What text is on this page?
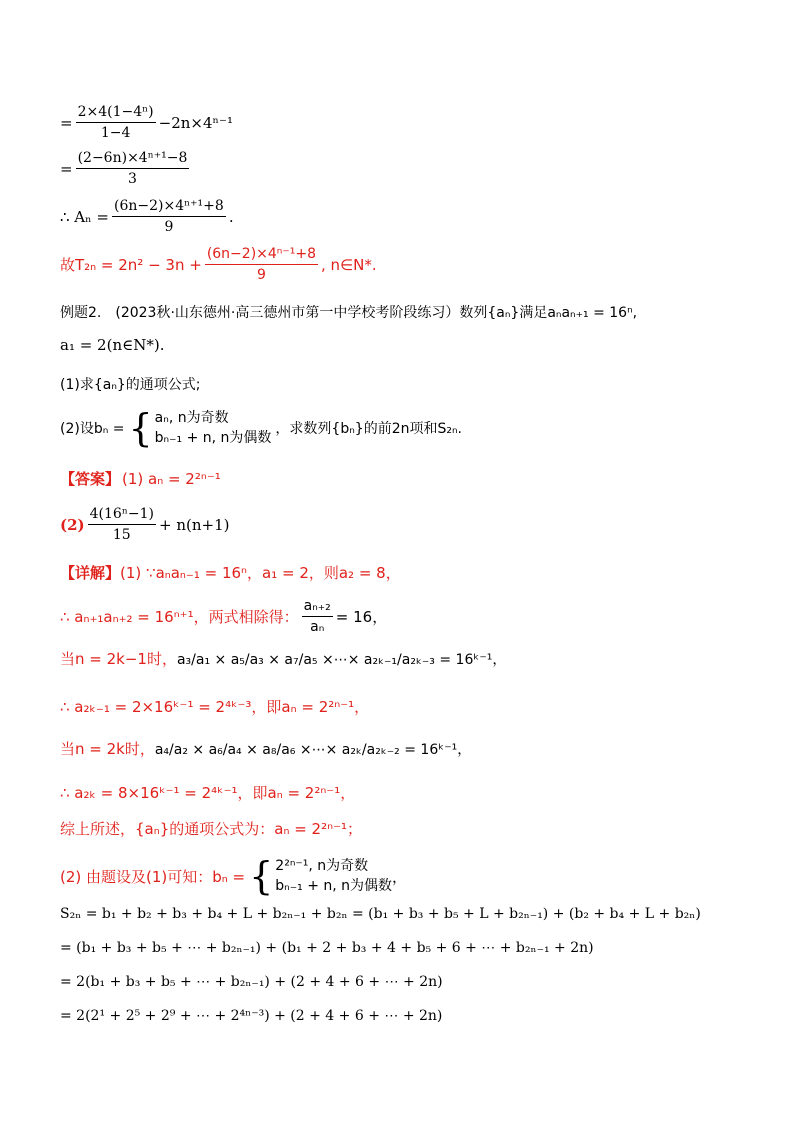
= $\frac{\text{2×4(1−4ⁿ)}}{1-4} -2n\times 4^{n-1}$
= $\frac{\text{(2−6n)×4ⁿ⁺¹−8}}{3}$
∴ $A_n = \frac{\text{(6n−2)×4ⁿ⁺¹+8}}{9}$ .
故$T_{2n} = 2n^2 - 3n + \frac{\text{(6n−2)×4ⁿ⁻¹+8}}{9}$ , n∈N*.
例题2.　(2023秋·山东德州·高三德州市第一中学校考阶段练习）数列{aₙ}满足aₙaₙ₊₁ = 16ⁿ,
a₁ = 2(n∈N*).
(1)求{aₙ}的通项公式;
(2)设bₙ = { aₙ, n为奇数
bₙ₋₁ + n, n为偶数
，求数列{bₙ}的前2n项和S₂ₙ.
【答案】 (1) aₙ = 2²ⁿ⁻¹
$(2) \frac{\text{4(16ⁿ−1)}}{15} + n(n+1)$
【详解】 (1) ∵aₙaₙ₋₁ = 16ⁿ，a₁ = 2，则a₂ = 8，
∴ aₙ₊₁aₙ₊₂ = 16ⁿ⁺¹，两式相除得： $\frac{\text{aₙ₊₂}}{\text{aₙ}} = 16$，
当n = 2k−1时， a₃/a₁ × a₅/a₃ × a₇/a₅ ×⋯× a₂ₖ₋₁/a₂ₖ₋₃ = 16ᵏ⁻¹，
∴ a₂ₖ₋₁ = 2×16ᵏ⁻¹ = 2⁴ᵏ⁻³，即aₙ = 2²ⁿ⁻¹，
当n = 2k时， a₄/a₂ × a₆/a₄ × a₈/a₆ ×⋯× a₂ₖ/a₂ₖ₋₂ = 16ᵏ⁻¹，
∴ a₂ₖ = 8×16ᵏ⁻¹ = 2⁴ᵏ⁻¹，即aₙ = 2²ⁿ⁻¹，
综上所述，{aₙ}的通项公式为：aₙ = 2²ⁿ⁻¹；
(2) 由题设及(1)可知：bₙ = { 2²ⁿ⁻¹, n为奇数
bₙ₋₁ + n, n为偶数
，
S₂ₙ = b₁ + b₂ + b₃ + b₄ + L + b₂ₙ₋₁ + b₂ₙ = (b₁ + b₃ + b₅ + L + b₂ₙ₋₁) + (b₂ + b₄ + L + b₂ₙ)
= (b₁ + b₃ + b₅ + ⋯ + b₂ₙ₋₁) + (b₁ + 2 + b₃ + 4 + b₅ + 6 + ⋯ + b₂ₙ₋₁ + 2n)
= 2(b₁ + b₃ + b₅ + ⋯ + b₂ₙ₋₁) + (2 + 4 + 6 + ⋯ + 2n)
= 2(2¹ + 2⁵ + 2⁹ + ⋯ + 2⁴ⁿ⁻³) + (2 + 4 + 6 + ⋯ + 2n)
